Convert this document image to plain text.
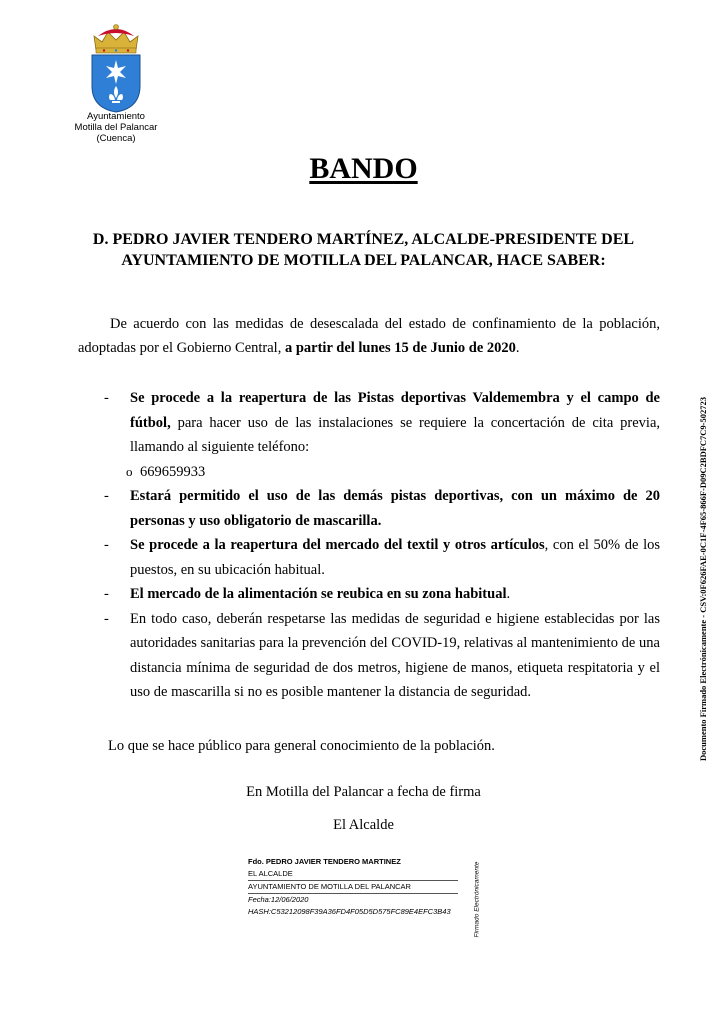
Ayuntamiento
Motilla del Palancar
(Cuenca)
BANDO
D. PEDRO JAVIER TENDERO MARTÍNEZ, ALCALDE-PRESIDENTE DEL
AYUNTAMIENTO DE MOTILLA DEL PALANCAR, HACE SABER:

De acuerdo con las medidas de desescalada del estado de confinamiento de la población, adoptadas por el Gobierno Central, a partir del lunes 15 de Junio de 2020.

- Se procede a la reapertura de las Pistas deportivas Valdemembra y el campo de fútbol, para hacer uso de las instalaciones se requiere la concertación de cita previa, llamando al siguiente teléfono:
o 669659933
- Estará permitido el uso de las demás pistas deportivas, con un máximo de 20 personas y uso obligatorio de mascarilla.
- Se procede a la reapertura del mercado del textil y otros artículos, con el 50% de los puestos, en su ubicación habitual.
- El mercado de la alimentación se reubica en su zona habitual.
- En todo caso, deberán respetarse las medidas de seguridad e higiene establecidas por las autoridades sanitarias para la prevención del COVID-19, relativas al mantenimiento de una distancia mínima de seguridad de dos metros, higiene de manos, etiqueta respitatoria y el uso de mascarilla si no es posible mantener la distancia de seguridad.
Lo que se hace público para general conocimiento de la población.
En Motilla del Palancar a fecha de firma
El Alcalde
Fdo. PEDRO JAVIER TENDERO MARTINEZ
EL ALCALDE
AYUNTAMIENTO DE MOTILLA DEL PALANCAR
Fecha:12/06/2020
HASH:C53212098F39A36FD4F05D5D575FC89E4EFC3B43	Firmado Electrónicamente
Documento Firmado Electrónicamente - CSV:0F626FAE-0C1F-4F65-866F-D09C2BDFC7C9-502723
